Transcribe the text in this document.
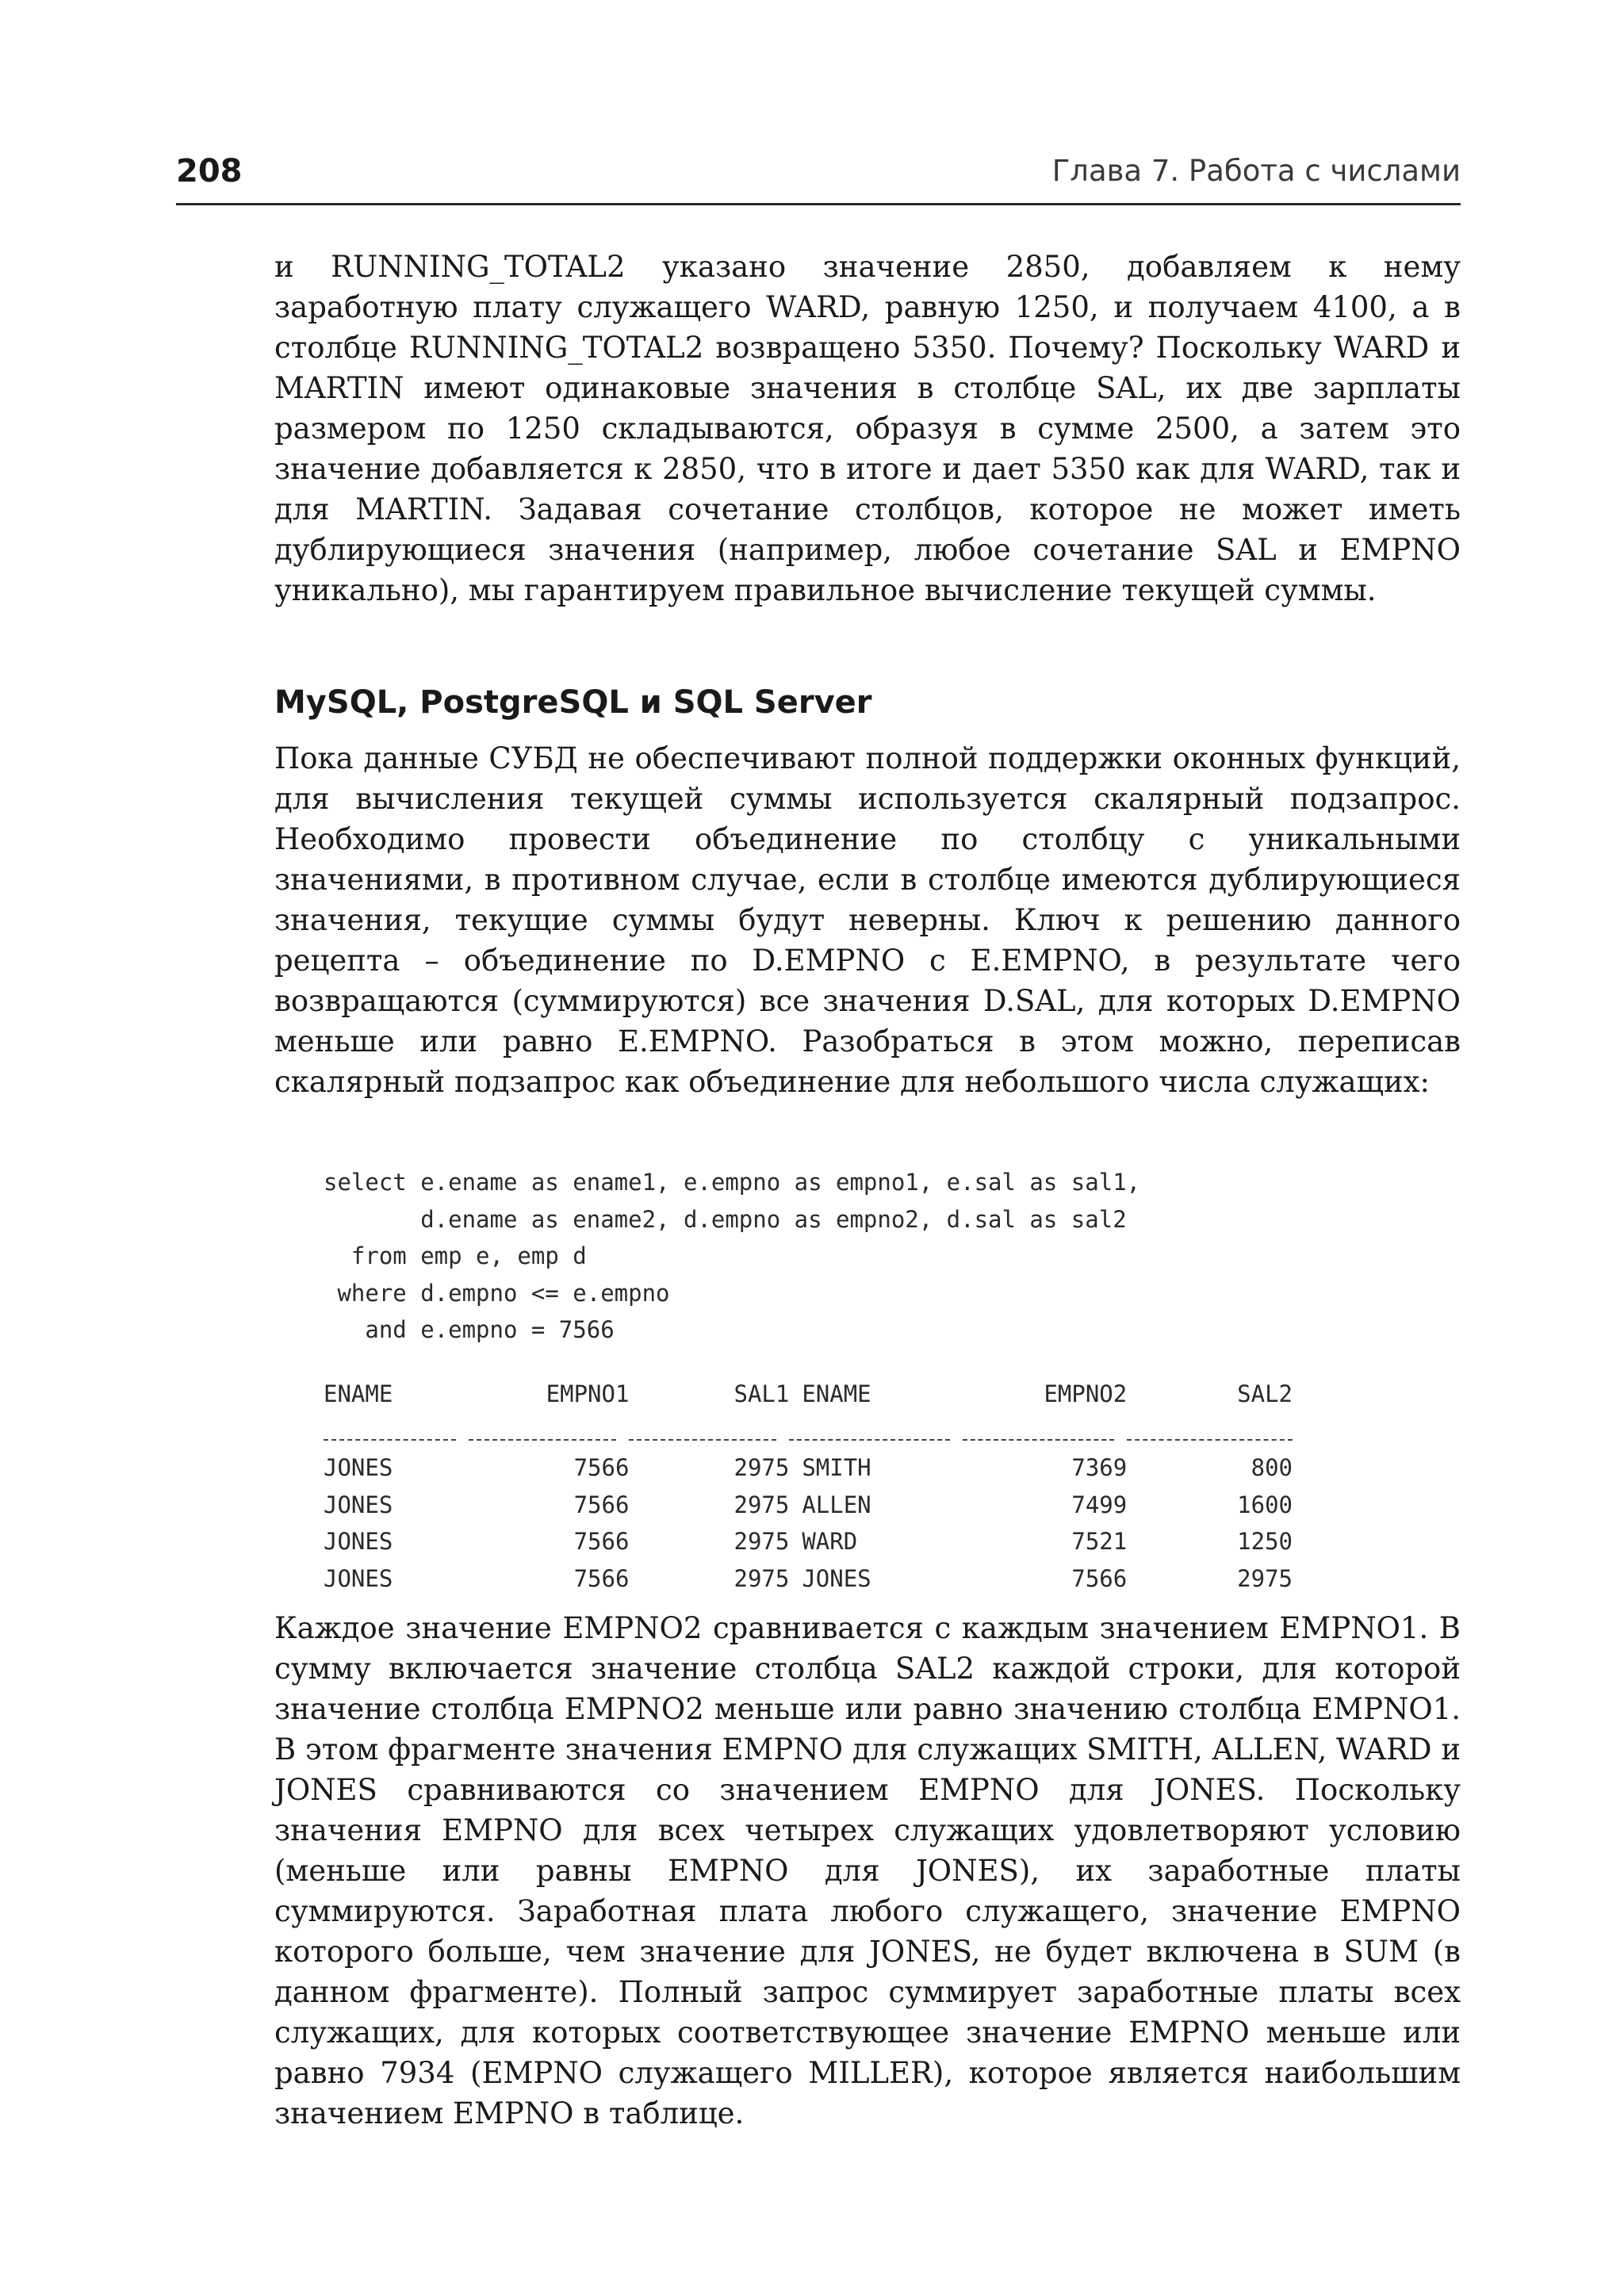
208	Глава 7. Работа с числами

и RUNNING_TOTAL2 указано значение 2850, добавляем к нему заработную плату служащего WARD, равную 1250, и получаем 4100, а в столбце RUNNING_TOTAL2 возвращено 5350. Почему? Поскольку WARD и MARTIN имеют одинаковые значения в столбце SAL, их две зарплаты размером по 1250 складываются, образуя в сумме 2500, а затем это значение добавляется к 2850, что в итоге и дает 5350 как для WARD, так и для MARTIN. Задавая сочетание столбцов, которое не может иметь дублирующиеся значения (например, любое сочетание SAL и EMPNO уникально), мы гарантируем правильное вычисление текущей суммы.

MySQL, PostgreSQL и SQL Server

Пока данные СУБД не обеспечивают полной поддержки оконных функций, для вычисления текущей суммы используется скалярный подзапрос. Необходимо провести объединение по столбцу с уникальными значениями, в противном случае, если в столбце имеются дублирующиеся значения, текущие суммы будут неверны. Ключ к решению данного рецепта – объединение по D.EMPNO с E.EMPNO, в результате чего возвращаются (суммируются) все значения D.SAL, для которых D.EMPNO меньше или равно E.EMPNO. Разобраться в этом можно, переписав скалярный подзапрос как объединение для небольшого числа служащих:

select e.ename as ename1, e.empno as empno1, e.sal as sal1,
d.ename as ename2, d.empno as empno2, d.sal as sal2
from emp e, emp d
where d.empno <= e.empno
and e.empno = 7566
ENAME	EMPNO1	SAL1	ENAME	EMPNO2	SAL2

JONES	7566	2975	SMITH	7369	800
JONES	7566	2975	ALLEN	7499	1600
JONES	7566	2975	WARD	7521	1250
JONES	7566	2975	JONES	7566	2975

Каждое значение EMPNO2 сравнивается с каждым значением EMPNO1. В сумму включается значение столбца SAL2 каждой строки, для которой значение столбца EMPNO2 меньше или равно значению столбца EMPNO1. В этом фрагменте значения EMPNO для служащих SMITH, ALLEN, WARD и JONES сравниваются со значением EMPNO для JONES. Поскольку значения EMPNO для всех четырех служащих удовлетворяют условию (меньше или равны EMPNO для JONES), их заработные платы суммируются. Заработная плата любого служащего, значение EMPNO которого больше, чем значение для JONES, не будет включена в SUM (в данном фрагменте). Полный запрос суммирует заработные платы всех служащих, для которых соответствующее значение EMPNO меньше или равно 7934 (EMPNO служащего MILLER), которое является наибольшим значением EMPNO в таблице.
